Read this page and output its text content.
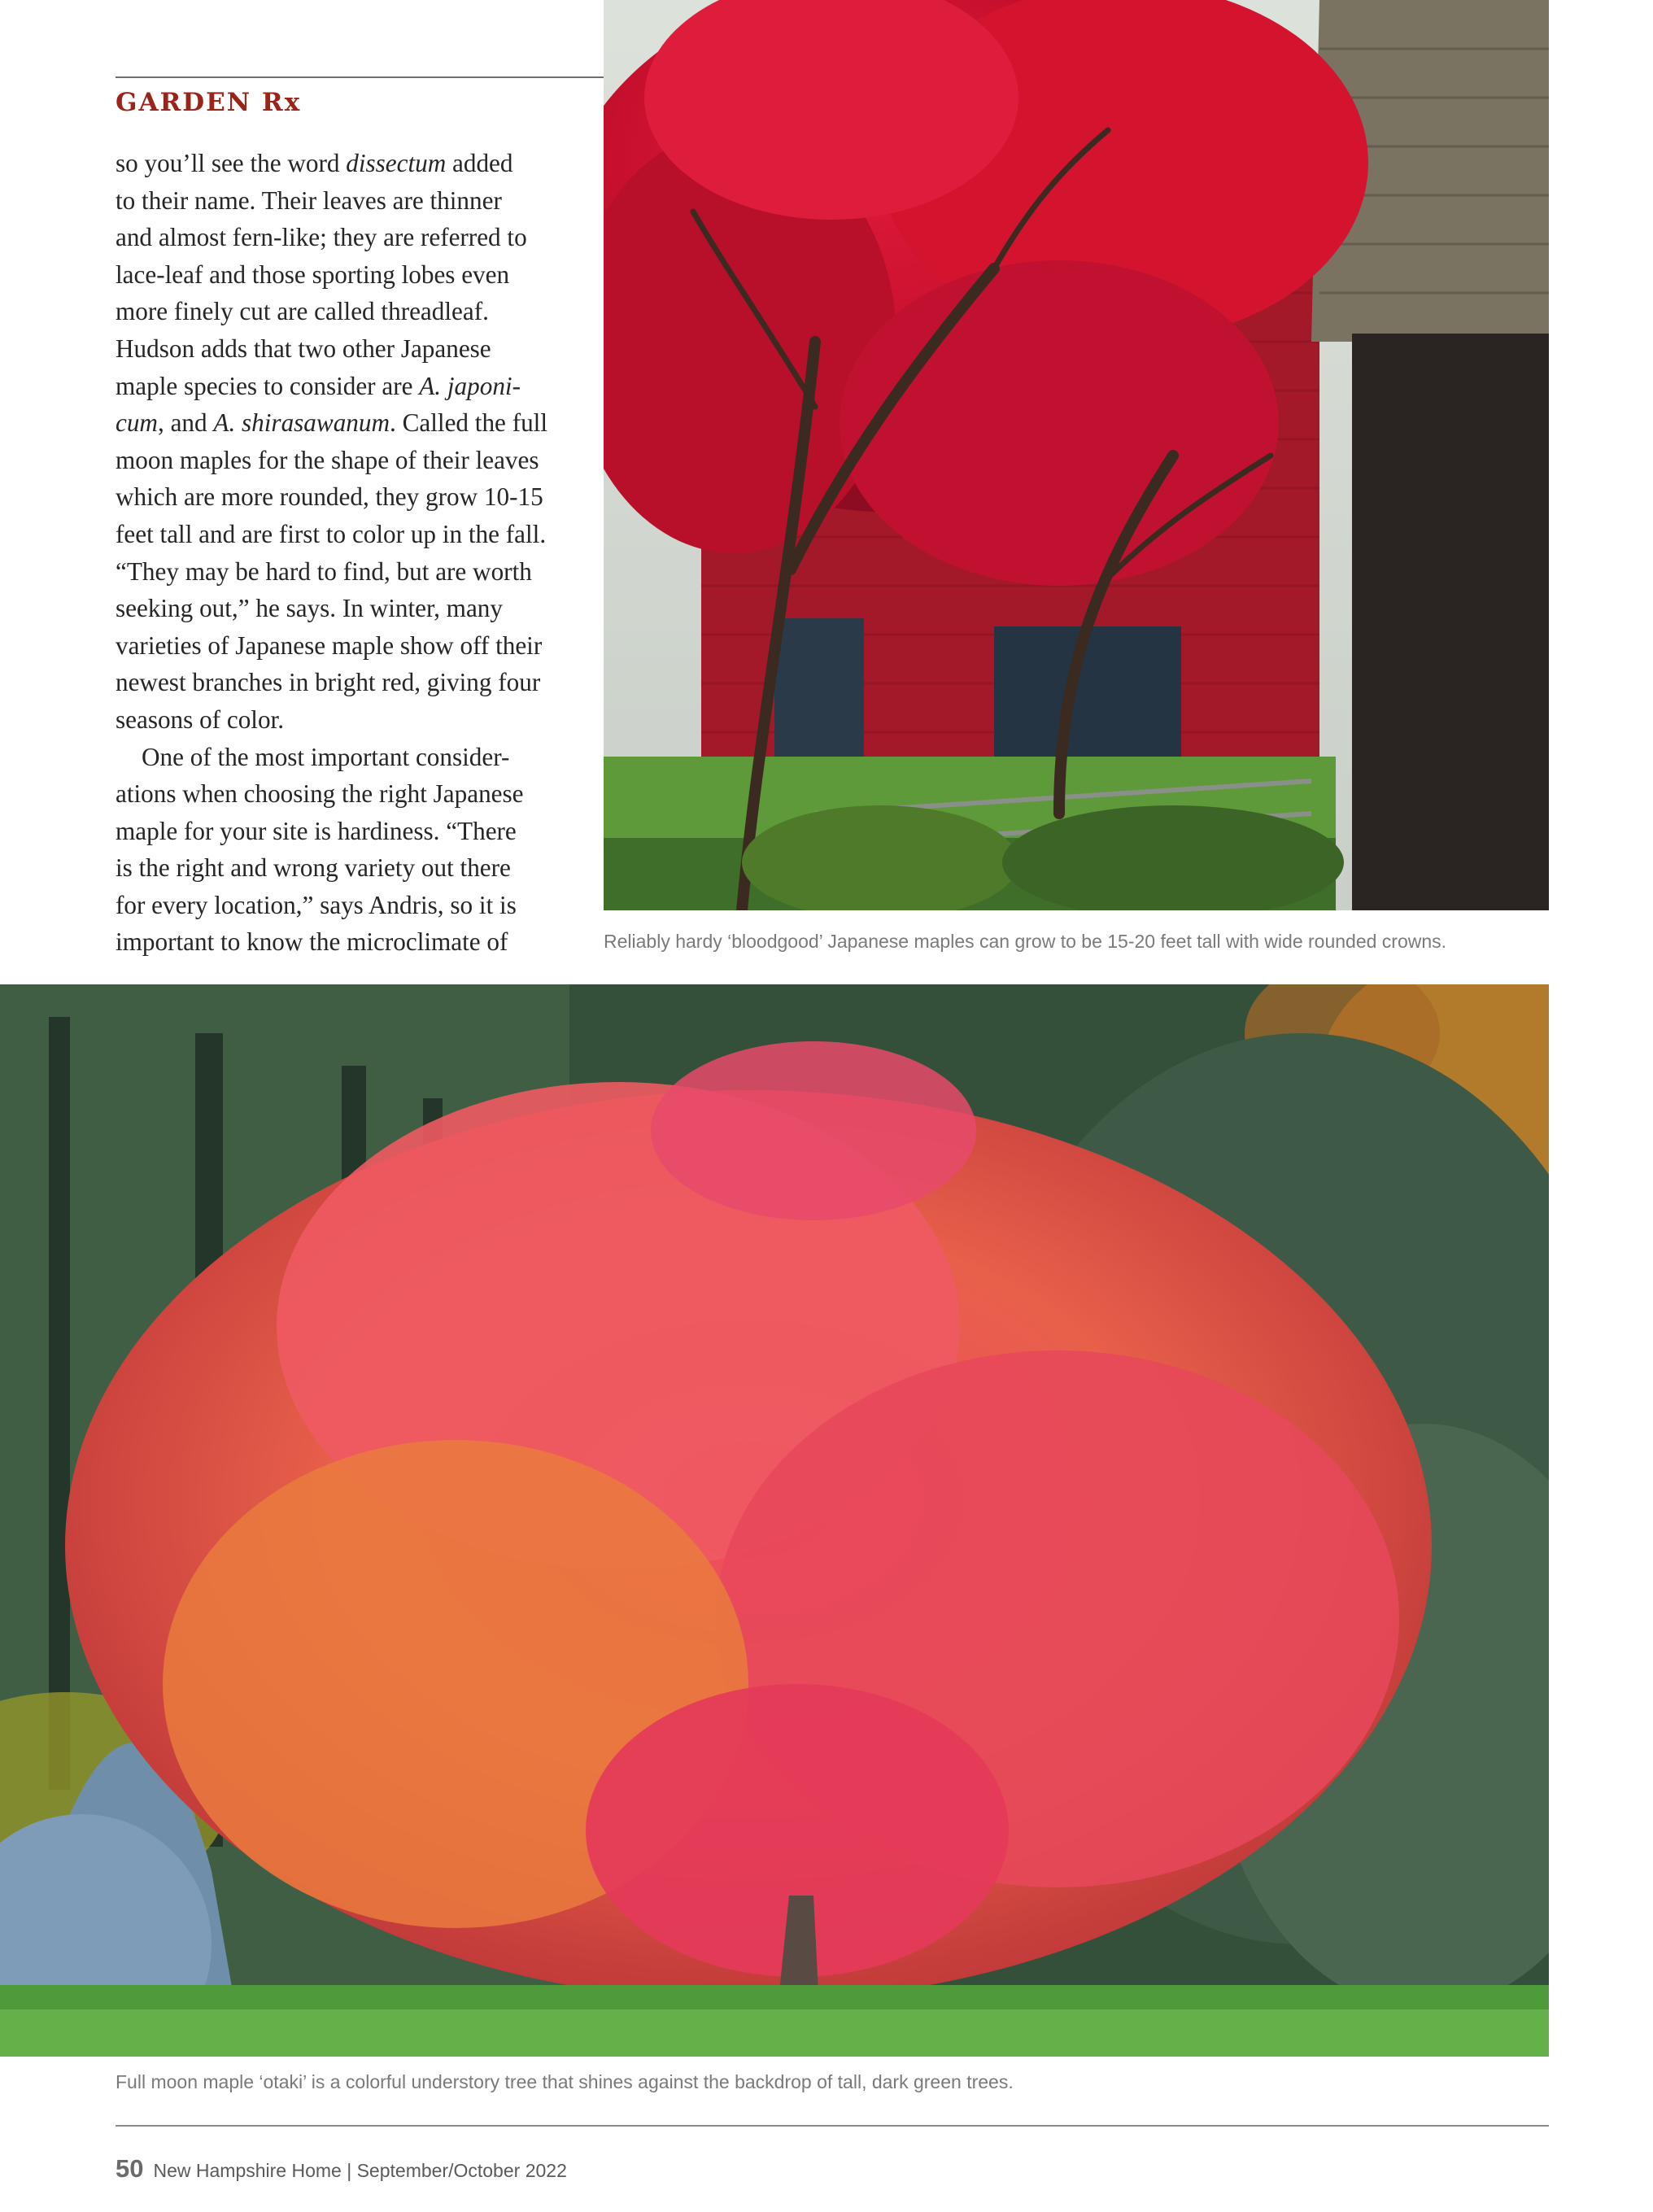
GARDEN Rx
so you’ll see the word dissectum added
to their name. Their leaves are thinner
and almost fern-like; they are referred to
lace-leaf and those sporting lobes even
more finely cut are called threadleaf.
Hudson adds that two other Japanese
maple species to consider are A. japoni-
cum, and A. shirasawanum. Called the full
moon maples for the shape of their leaves
which are more rounded, they grow 10-15
feet tall and are first to color up in the fall.
“They may be hard to find, but are worth
seeking out,” he says. In winter, many
varieties of Japanese maple show off their
newest branches in bright red, giving four
seasons of color.
One of the most important consider-
ations when choosing the right Japanese
maple for your site is hardiness. “There
is the right and wrong variety out there
for every location,” says Andris, so it is
important to know the microclimate of	Reliably hardy ‘bloodgood’ Japanese maples can grow to be 15-20 feet tall with wide rounded crowns.
Full moon maple ‘otaki’ is a colorful understory tree that shines against the backdrop of tall, dark green trees.
50 New Hampshire Home | September/October 2022
